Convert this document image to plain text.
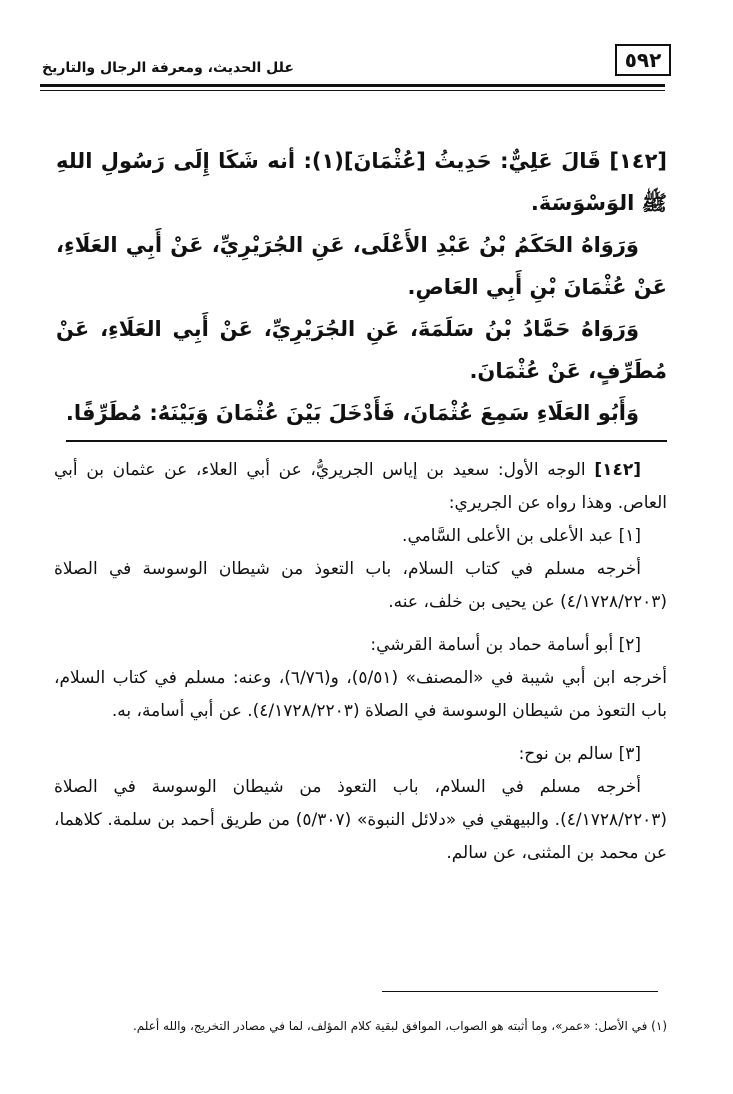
علل الحديث، ومعرفة الرجال والتاريخ	٥٩٢

[١٤٢] قَالَ عَلِيٌّ: حَدِيثُ [عُثْمَانَ](١): أنه شَكَا إِلَى رَسُولِ اللهِ ﷺ الوَسْوَسَةَ.

وَرَوَاهُ الحَكَمُ بْنُ عَبْدِ الأَعْلَى، عَنِ الجُرَيْرِيِّ، عَنْ أَبِي العَلَاءِ، عَنْ عُثْمَانَ بْنِ أَبِي العَاصِ.

وَرَوَاهُ حَمَّادُ بْنُ سَلَمَةَ، عَنِ الجُرَيْرِيِّ، عَنْ أَبِي العَلَاءِ، عَنْ مُطَرِّفٍ، عَنْ عُثْمَانَ.

وَأَبُو العَلَاءِ سَمِعَ عُثْمَانَ، فَأَدْخَلَ بَيْنَ عُثْمَانَ وَبَيْنَهُ: مُطَرِّفًا.

[١٤٢] الوجه الأول: سعيد بن إياس الجريريُّ، عن أبي العلاء، عن عثمان بن أبي العاص. وهذا رواه عن الجريري:

[١] عبد الأعلى بن الأعلى السَّامي.

أخرجه مسلم في كتاب السلام، باب التعوذ من شيطان الوسوسة في الصلاة (٤/١٧٢٨/٢٢٠٣) عن يحيى بن خلف، عنه.

[٢] أبو أسامة حماد بن أسامة القرشي:

أخرجه ابن أبي شيبة في «المصنف» (٥/٥١)، و(٦/٧٦)، وعنه: مسلم في كتاب السلام، باب التعوذ من شيطان الوسوسة في الصلاة (٤/١٧٢٨/٢٢٠٣). عن أبي أسامة، به.

[٣] سالم بن نوح:

أخرجه مسلم في السلام، باب التعوذ من شيطان الوسوسة في الصلاة (٤/١٧٢٨/٢٢٠٣). والبيهقي في «دلائل النبوة» (٥/٣٠٧) من طريق أحمد بن سلمة. كلاهما، عن محمد بن المثنى، عن سالم.

(١) في الأصل: «عمر»، وما أثبته هو الصواب، الموافق لبقية كلام المؤلف، لما في مصادر التخريج، والله أعلم.
